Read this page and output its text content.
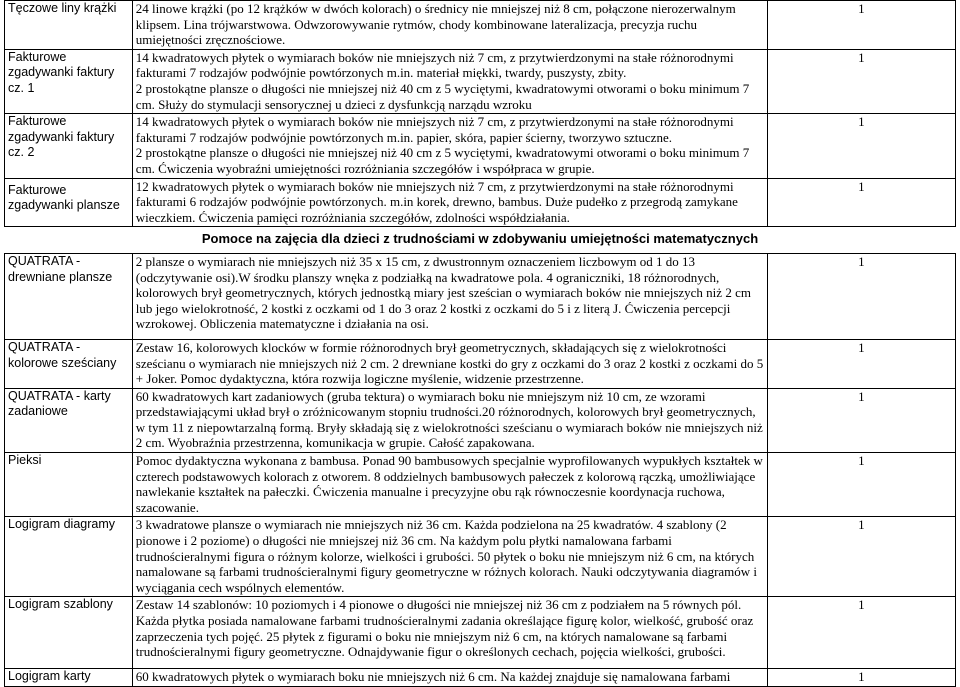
Tęczowe liny krążki	24 linowe krążki (po 12 krążków w dwóch kolorach) o średnicy nie mniejszej niż 8 cm, połączone nierozerwalnym klipsem. Lina trójwarstwowa. Odwzorowywanie rytmów, chody kombinowane lateralizacja, precyzja ruchu umiejętności zręcznościowe.	1

Fakturowe zgadywanki faktury cz. 1	14 kwadratowych płytek o wymiarach boków nie mniejszych niż 7 cm, z przytwierdzonymi na stałe różnorodnymi fakturami 7 rodzajów podwójnie powtórzonych m.in. materiał miękki, twardy, puszysty, zbity.
2 prostokątne plansze o długości nie mniejszej niż 40 cm z 5 wyciętymi, kwadratowymi otworami o boku minimum 7 cm. Służy do stymulacji sensorycznej u dzieci z dysfunkcją narządu wzroku	1

Fakturowe zgadywanki faktury cz. 2	14 kwadratowych płytek o wymiarach boków nie mniejszych niż 7 cm, z przytwierdzonymi na stałe różnorodnymi fakturami 7 rodzajów podwójnie powtórzonych m.in. papier, skóra, papier ścierny, tworzywo sztuczne.
2 prostokątne plansze o długości nie mniejszej niż 40 cm z 5 wyciętymi, kwadratowymi otworami o boku minimum 7 cm. Ćwiczenia wyobraźni umiejętności rozróżniania szczegółów i współpraca w grupie.	1

Fakturowe zgadywanki plansze	12 kwadratowych płytek o wymiarach boków nie mniejszych niż 7 cm, z przytwierdzonymi na stałe różnorodnymi fakturami 6 rodzajów podwójnie powtórzonych. m.in korek, drewno, bambus. Duże pudełko z przegrodą zamykane wieczkiem. Ćwiczenia pamięci rozróżniania szczegółów, zdolności współdziałania.	1
Pomoce na zajęcia dla dzieci z trudnościami w zdobywaniu umiejętności matematycznych		

QUATRATA - drewniane plansze	2 plansze o wymiarach nie mniejszych niż 35 x 15 cm, z dwustronnym oznaczeniem liczbowym od 1 do 13 (odczytywanie osi).W środku planszy wnęka z podziałką na kwadratowe pola. 4 ograniczniki, 18 różnorodnych, kolorowych brył geometrycznych, których jednostką miary jest sześcian o wymiarach boków nie mniejszych niż 2 cm lub jego wielokrotność, 2 kostki z oczkami od 1 do 3 oraz 2 kostki z oczkami do 5 i z literą J. Ćwiczenia percepcji wzrokowej. Obliczenia matematyczne i działania na osi.	1

QUATRATA - kolorowe sześciany	Zestaw 16, kolorowych klocków w formie różnorodnych brył geometrycznych, składających się z wielokrotności sześcianu o wymiarach nie mniejszych niż 2 cm. 2 drewniane kostki do gry z oczkami do 3 oraz 2 kostki z oczkami do 5 + Joker. Pomoc dydaktyczna, która rozwija logiczne myślenie, widzenie przestrzenne.	1

QUATRATA - karty zadaniowe	60 kwadratowych kart zadaniowych (gruba tektura) o wymiarach boku nie mniejszym niż 10 cm, ze wzorami przedstawiającymi układ brył o zróżnicowanym stopniu trudności.20 różnorodnych, kolorowych brył geometrycznych, w tym 11 z niepowtarzalną formą. Bryły składają się z wielokrotności sześcianu o wymiarach boków nie mniejszych niż 2 cm. Wyobraźnia przestrzenna, komunikacja w grupie. Całość zapakowana.	1

Pieksi	Pomoc dydaktyczna wykonana z bambusa. Ponad 90 bambusowych specjalnie wyprofilowanych wypukłych kształtek w czterech podstawowych kolorach z otworem. 8 oddzielnych bambusowych pałeczek z kolorową rączką, umożliwiające nawlekanie kształtek na pałeczki. Ćwiczenia manualne i precyzyjne obu rąk równoczesnie koordynacja ruchowa, szacowanie.	1

Logigram diagramy	3 kwadratowe plansze o wymiarach nie mniejszych niż 36 cm. Każda podzielona na 25 kwadratów. 4 szablony (2 pionowe i 2 poziome) o długości nie mniejszej niż 36 cm. Na każdym polu płytki namalowana farbami trudnościeralnymi figura o różnym kolorze, wielkości i grubości. 50 płytek o boku nie mniejszym niż 6 cm, na których namalowane są farbami trudnościeralnymi figury geometryczne w różnych kolorach. Nauki odczytywania diagramów i wyciągania cech wspólnych elementów.	1

Logigram szablony	Zestaw 14 szablonów: 10 poziomych i 4 pionowe o długości nie mniejszej niż 36 cm z podziałem na 5 równych pól. Każda płytka posiada namalowane farbami trudnościeralnymi zadania określające figurę kolor, wielkość, grubość oraz zaprzeczenia tych pojęć. 25 płytek z figurami o boku nie mniejszym niż 6 cm, na których namalowane są farbami trudnościeralnymi figury geometryczne. Odnajdywanie figur o określonych cechach, pojęcia wielkości, grubości.	1

Logigram karty	60 kwadratowych płytek o wymiarach boku nie mniejszych niż 6 cm. Na każdej znajduje się namalowana farbami	1
